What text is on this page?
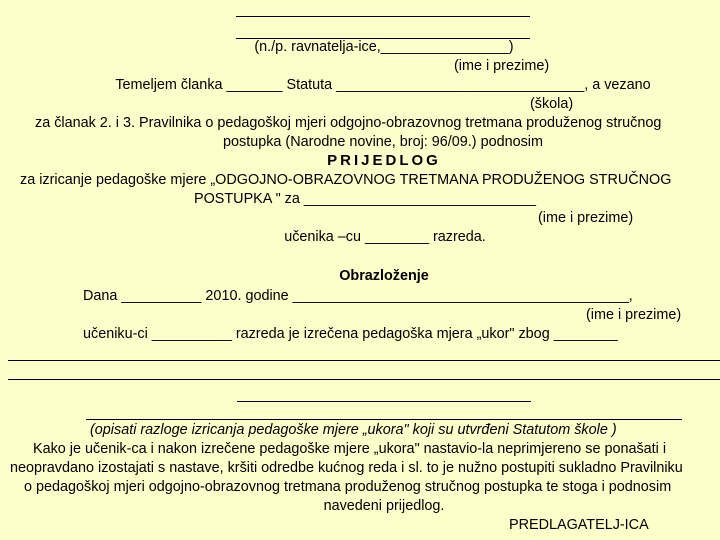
(n./p. ravnatelja-ice,________________)
(ime i prezime)
Temeljem članka _______ Statuta _______________________________, a vezano
(škola)
za članak 2. i 3. Pravilnika o pedagoškoj mjeri odgojno-obrazovnog tretmana produženog stručnog
postupka (Narodne novine, broj: 96/09.) podnosim
PRIJEDLOG
za izricanje pedagoške mjere „ODGOJNO-OBRAZOVNOG TRETMANA PRODUŽENOG STRUČNOG
POSTUPKA " za _____________________________
(ime i prezime)
učenika –cu ________ razreda.
Obrazloženje
Dana __________ 2010. godine __________________________________________,
(ime i prezime)
učeniku-ci __________ razreda je izrečena pedagoška mjera „ukor" zbog ________
(opisati razloge izricanja pedagoške mjere „ukora" koji su utvrđeni Statutom škole )
Kako je učenik-ca i nakon izrečene pedagoške mjere „ukora" nastavio-la neprimjereno se ponašati i
neopravdano izostajati s nastave, kršiti odredbe kućnog reda i sl. to je nužno postupiti sukladno Pravilniku
o pedagoškoj mjeri odgojno-obrazovnog tretmana produženog stručnog postupka te stoga i podnosim
navedeni prijedlog.
PREDLAGATELJ-ICA
